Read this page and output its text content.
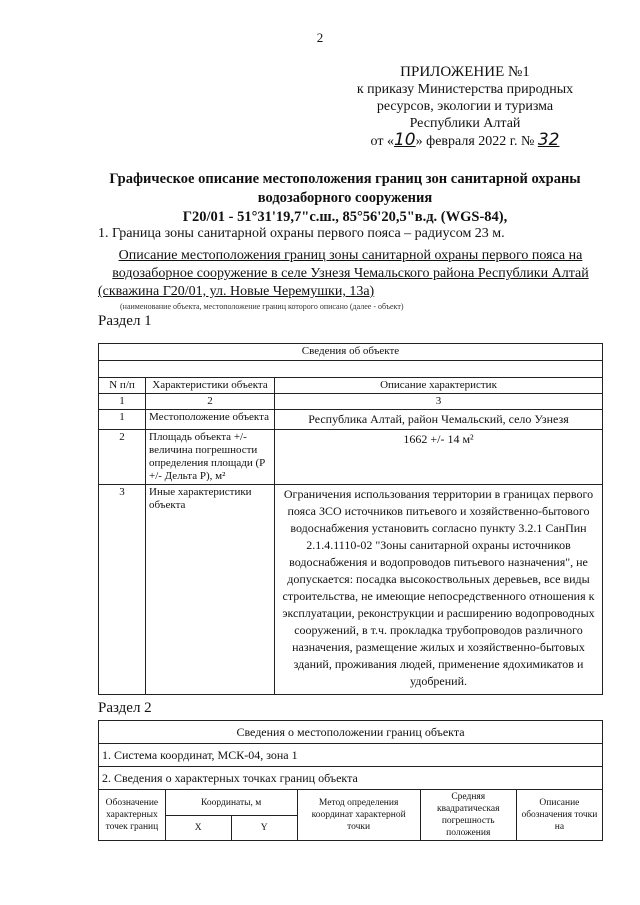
2
ПРИЛОЖЕНИЕ №1
к приказу Министерства природных
ресурсов, экологии и туризма
Республики Алтай
от «10» февраля 2022 г. № 32
Графическое описание местоположения границ зон санитарной охраны
водозаборного сооружения
Г20/01 - 51°31'19,7"с.ш., 85°56'20,5"в.д. (WGS-84),
1. Граница зоны санитарной охраны первого пояса – радиусом 23 м.
Описание местоположения границ зоны санитарной охраны первого пояса на
водозаборное сооружение в селе Узнезя Чемальского района Республики Алтай
(скважина Г20/01, ул. Новые Черемушки, 13а)
(наименование объекта, местоположение границ которого описано (далее - объект)
Раздел 1
Сведения об объекте		

N п/п	Характеристики объекта	Описание характеристик
1	2	3
1	Местоположение объекта	Республика Алтай, район Чемальский, село Узнезя
2	Площадь объекта +/- величина погрешности определения площади (P +/- Дельта P), м²	1662 +/- 14 м²
3	Иные характеристики объекта	Ограничения использования территории в границах первого пояса ЗСО источников питьевого и хозяйственно-бытового водоснабжения установить согласно пункту 3.2.1 СанПин 2.1.4.1110-02 "Зоны санитарной охраны источников водоснабжения и водопроводов питьевого назначения", не допускается: посадка высокоствольных деревьев, все виды строительства, не имеющие непосредственного отношения к эксплуатации, реконструкции и расширению водопроводных сооружений, в т.ч. прокладка трубопроводов различного назначения, размещение жилых и хозяйственно-бытовых зданий, проживания людей, применение ядохимикатов и удобрений.
Раздел 2
Сведения о местоположении границ объекта					
1. Система координат, МСК-04, зона 1					
2. Сведения о характерных точках границ объекта					
Обозначение характерных точек границ	Координаты, м		Метод определения координат характерной точки	Средняя квадратическая погрешность положения	Описание обозначения точки на
	X	Y			
